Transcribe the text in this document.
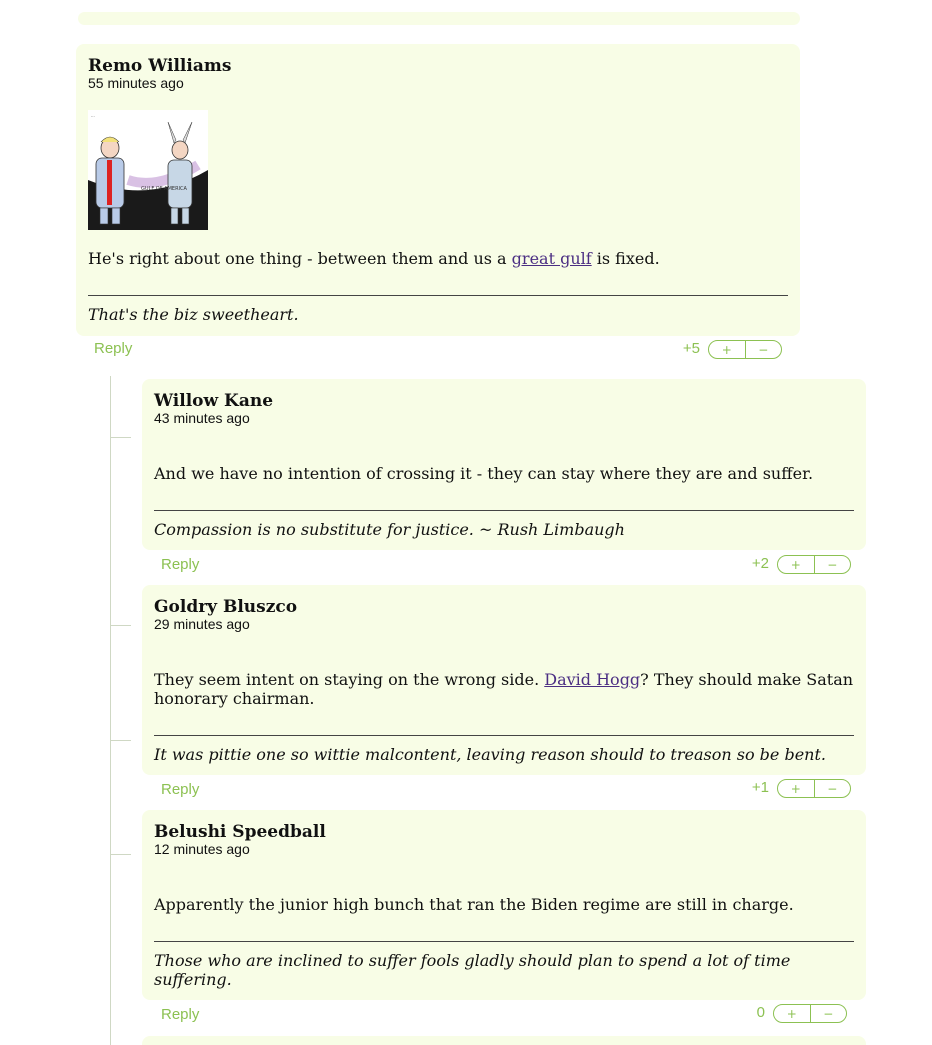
Remo Williams
55 minutes ago
...
GULF OF AMERICA
He's right about one thing - between them and us a great gulf is fixed.
That's the biz sweetheart.
Reply	+5	+	−
Willow Kane
43 minutes ago
And we have no intention of crossing it - they can stay where they are and suffer.
Compassion is no substitute for justice. ~ Rush Limbaugh
Reply	+2	+	−
Goldry Bluszco
29 minutes ago
They seem intent on staying on the wrong side. David Hogg? They should make Satan honorary chairman.
It was pittie one so wittie malcontent, leaving reason should to treason so be bent.
Reply	+1	+	−
Belushi Speedball
12 minutes ago
Apparently the junior high bunch that ran the Biden regime are still in charge.
Those who are inclined to suffer fools gladly should plan to spend a lot of time suffering.
Reply	0	+	−
